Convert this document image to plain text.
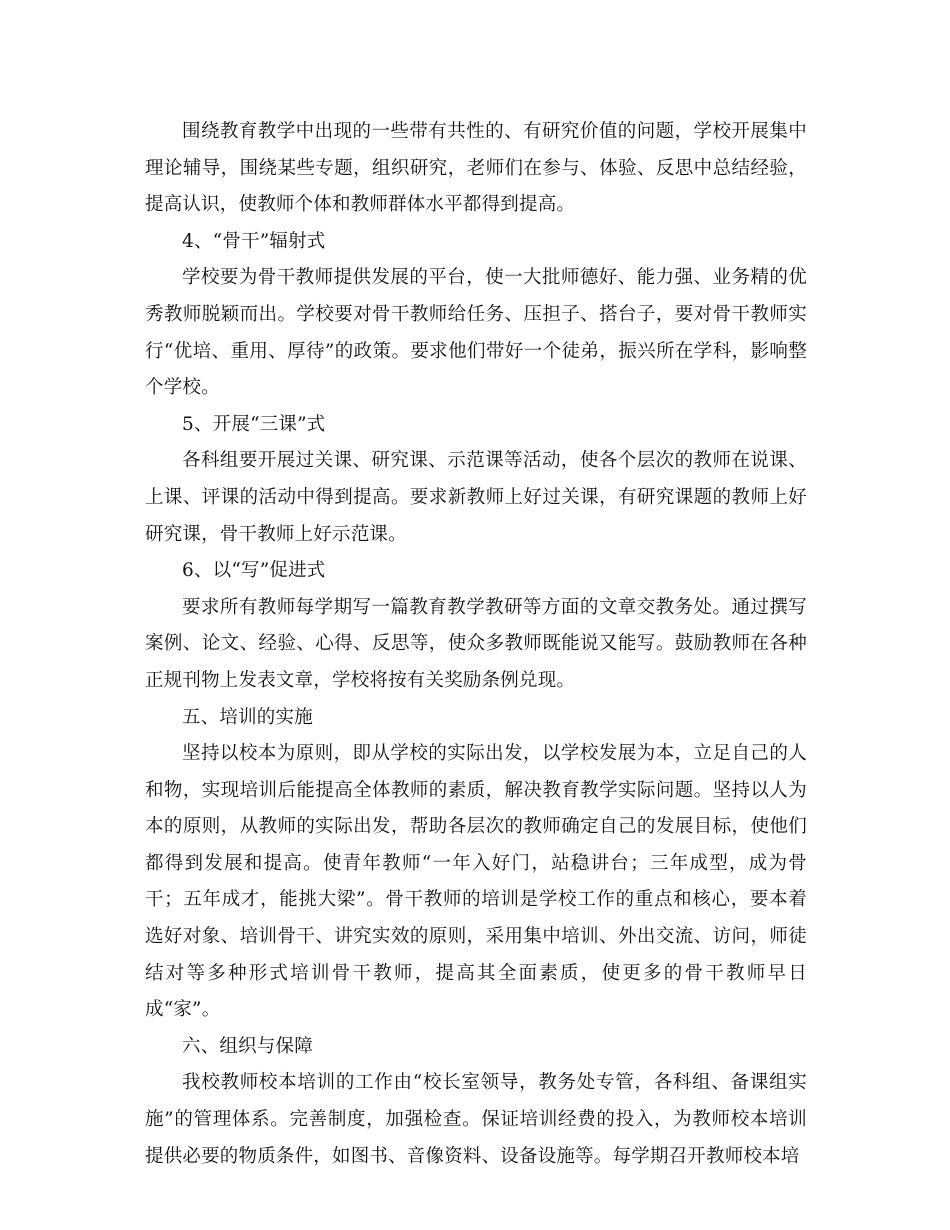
围绕教育教学中出现的一些带有共性的、有研究价值的问题，学校开展集中理论辅导，围绕某些专题，组织研究，老师们在参与、体验、反思中总结经验，提高认识，使教师个体和教师群体水平都得到提高。

4、“骨干”辐射式

学校要为骨干教师提供发展的平台，使一大批师德好、能力强、业务精的优秀教师脱颖而出。学校要对骨干教师给任务、压担子、搭台子，要对骨干教师实行“优培、重用、厚待”的政策。要求他们带好一个徒弟，振兴所在学科，影响整个学校。

5、开展“三课”式

各科组要开展过关课、研究课、示范课等活动，使各个层次的教师在说课、上课、评课的活动中得到提高。要求新教师上好过关课，有研究课题的教师上好研究课，骨干教师上好示范课。

6、以“写”促进式

要求所有教师每学期写一篇教育教学教研等方面的文章交教务处。通过撰写案例、论文、经验、心得、反思等，使众多教师既能说又能写。鼓励教师在各种正规刊物上发表文章，学校将按有关奖励条例兑现。

五、培训的实施

坚持以校本为原则，即从学校的实际出发，以学校发展为本，立足自己的人和物，实现培训后能提高全体教师的素质，解决教育教学实际问题。坚持以人为本的原则，从教师的实际出发，帮助各层次的教师确定自己的发展目标，使他们都得到发展和提高。使青年教师“一年入好门，站稳讲台；三年成型，成为骨干；五年成才，能挑大梁”。骨干教师的培训是学校工作的重点和核心，要本着选好对象、培训骨干、讲究实效的原则，采用集中培训、外出交流、访问，师徒结对等多种形式培训骨干教师，提高其全面素质，使更多的骨干教师早日成“家”。

六、组织与保障

我校教师校本培训的工作由“校长室领导，教务处专管，各科组、备课组实施”的管理体系。完善制度，加强检查。保证培训经费的投入，为教师校本培训提供必要的物质条件，如图书、音像资料、设备设施等。每学期召开教师校本培
